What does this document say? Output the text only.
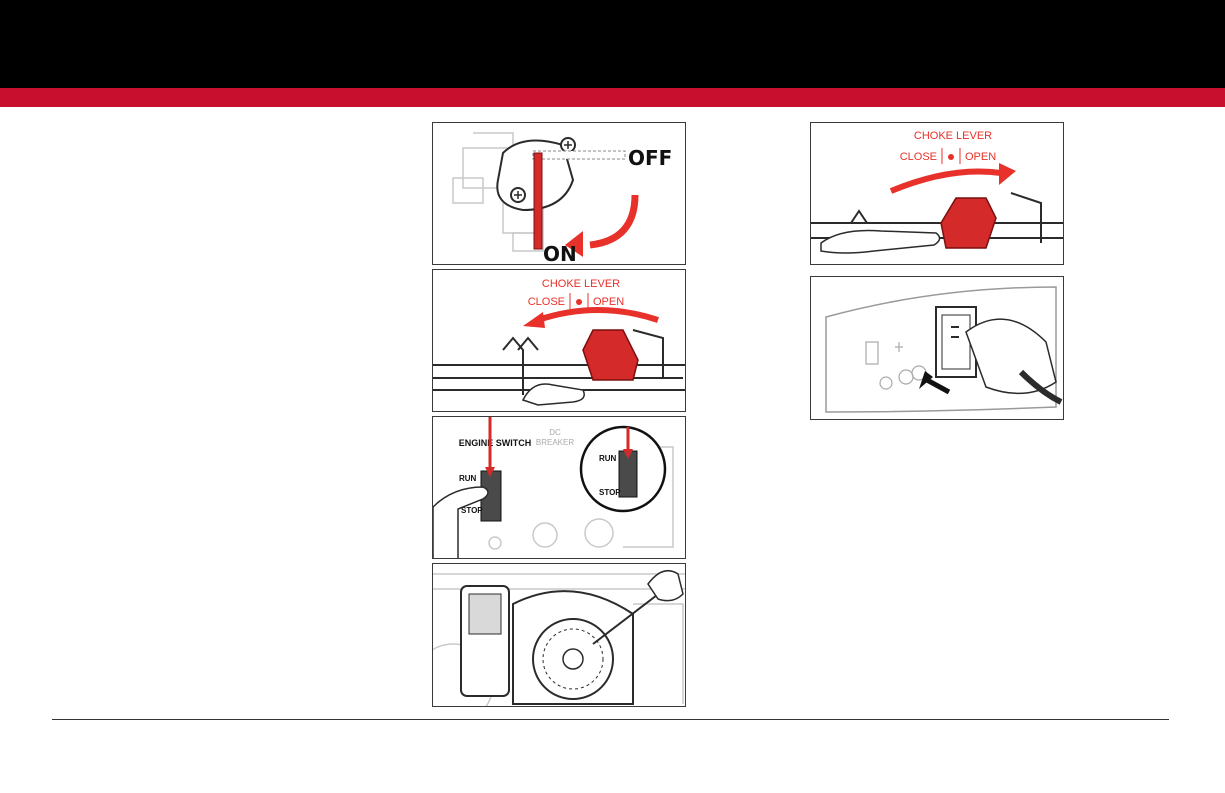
OFF
ON
CHOKE LEVER
CLOSE	OPEN
ENGINE SWITCH
DC
BREAKER
RUN
STOP
RUN
STOP
CHOKE LEVER
CLOSE	OPEN
